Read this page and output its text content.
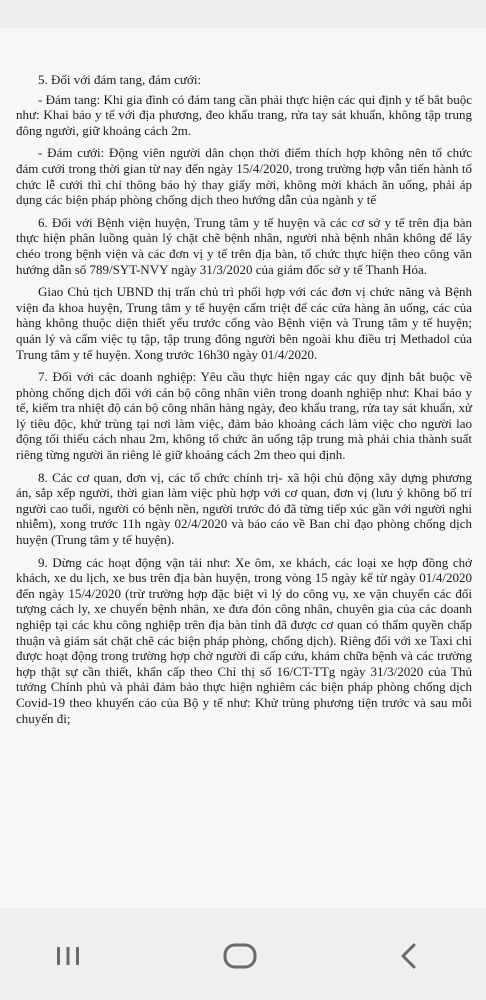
5. Đối với đám tang, đám cưới:

- Đám tang: Khi gia đình có đám tang cần phải thực hiện các qui định y tế bắt buộc như: Khai báo y tế với địa phương, đeo khẩu trang, rửa tay sát khuẩn, không tập trung đông người, giữ khoảng cách 2m.

- Đám cưới: Động viên người dân chọn thời điểm thích hợp không nên tổ chức đám cưới trong thời gian từ nay đến ngày 15/4/2020, trong trường hợp vẫn tiến hành tổ chức lễ cưới thì chỉ thông báo hỷ thay giấy mời, không mời khách ăn uống, phải áp dụng các biện pháp phòng chống dịch theo hướng dẫn của ngành y tế

6. Đối với Bệnh viện huyện, Trung tâm y tế huyện và các cơ sở y tế trên địa bàn thực hiện phân luồng quản lý chặt chẽ bệnh nhân, người nhà bệnh nhân không để lây chéo trong bệnh viện và các đơn vị y tế trên địa bàn, tổ chức thực hiện theo công văn hướng dẫn số 789/SYT-NVY ngày 31/3/2020 của giám đốc sở y tế Thanh Hóa.

Giao Chủ tịch UBND thị trấn chủ trì phối hợp với các đơn vị chức năng và Bệnh viện đa khoa huyện, Trung tâm y tế huyện cấm triệt để các cửa hàng ăn uống, các của hàng không thuộc diện thiết yếu trước cổng vào Bệnh viện và Trung tâm y tế huyện; quản lý và cấm việc tụ tập, tập trung đông người bên ngoài khu điều trị Methadol của Trung tâm y tế huyện. Xong trước 16h30 ngày 01/4/2020.

7. Đối với các doanh nghiệp: Yêu cầu thực hiện ngay các quy định bắt buộc về phòng chống dịch đối với cán bộ công nhân viên trong doanh nghiệp như: Khai báo y tế, kiểm tra nhiệt độ cán bộ công nhân hàng ngày, đeo khẩu trang, rửa tay sát khuẩn, xử lý tiêu độc, khử trùng tại nơi làm việc, đảm bảo khoảng cách làm việc cho người lao động tối thiểu cách nhau 2m, không tổ chức ăn uống tập trung mà phải chia thành suất riêng từng người ăn riêng lẻ giữ khoảng cách 2m theo qui định.

8. Các cơ quan, đơn vị, các tổ chức chính trị- xã hội chủ động xây dựng phương án, sắp xếp người, thời gian làm việc phù hợp với cơ quan, đơn vị (lưu ý không bố trí người cao tuổi, người có bệnh nền, người trước đó đã từng tiếp xúc gần với người nghi nhiễm), xong trước 11h ngày 02/4/2020 và báo cáo về Ban chỉ đạo phòng chống dịch huyện (Trung tâm y tế huyện).

9. Dừng các hoạt động vận tải như: Xe ôm, xe khách, các loại xe hợp đồng chở khách, xe du lịch, xe bus trên địa bàn huyện, trong vòng 15 ngày kể từ ngày 01/4/2020 đến ngày 15/4/2020 (trừ trường hợp đặc biệt vì lý do công vụ, xe vận chuyển các đối tượng cách ly, xe chuyển bệnh nhân, xe đưa đón công nhân, chuyên gia của các doanh nghiệp tại các khu công nghiệp trên địa bàn tỉnh đã được cơ quan có thẩm quyền chấp thuận và giám sát chặt chẽ các biện pháp phòng, chống dịch). Riêng đối với xe Taxi chỉ được hoạt động trong trường hợp chở người đi cấp cứu, khám chữa bệnh và các trường hợp thật sự cần thiết, khẩn cấp theo Chỉ thị số 16/CT-TTg ngày 31/3/2020 của Thủ tướng Chính phủ và phải đảm bảo thực hiện nghiêm các biện pháp phòng chống dịch Covid-19 theo khuyến cáo của Bộ y tế như: Khử trùng phương tiện trước và sau mỗi chuyến đi;
